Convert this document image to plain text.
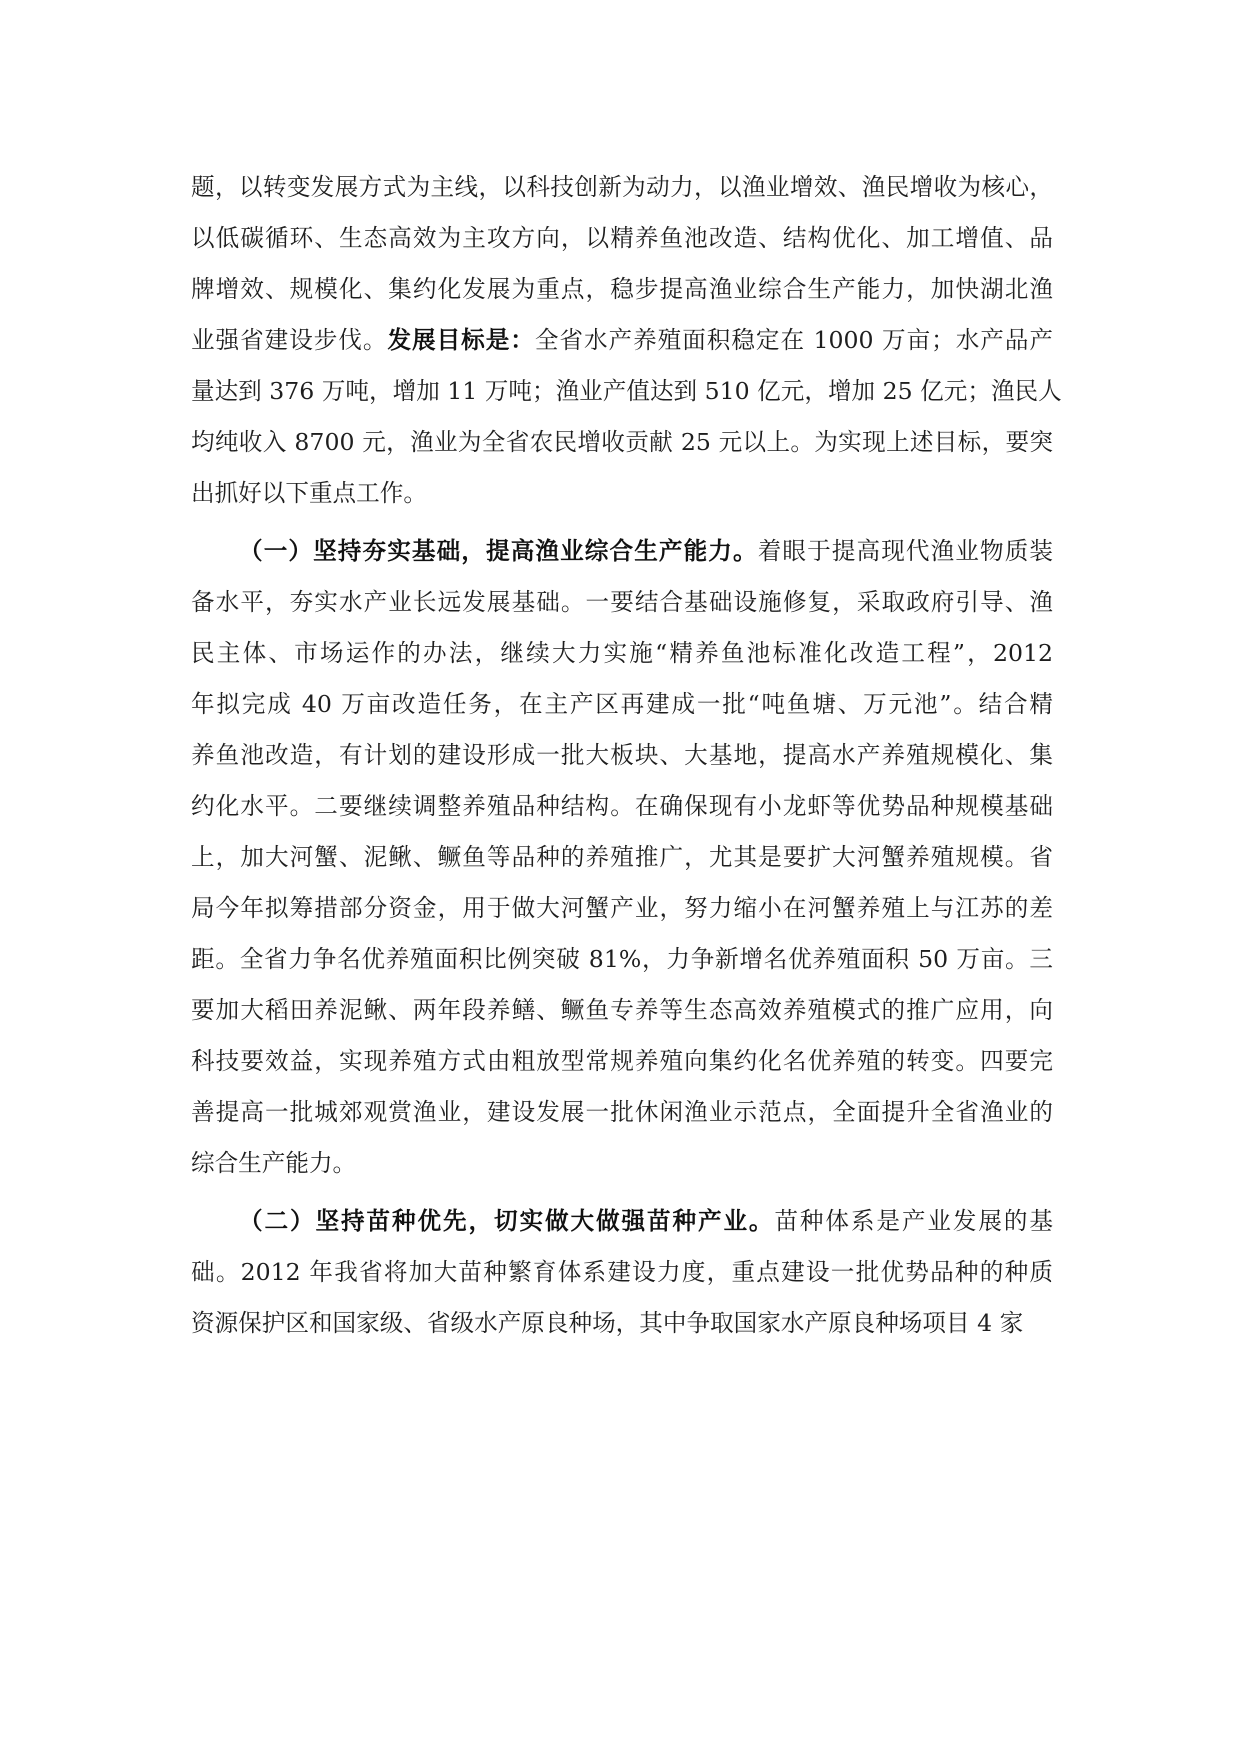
题，以转变发展方式为主线，以科技创新为动力，以渔业增效、渔民增收为核心，
以低碳循环、生态高效为主攻方向，以精养鱼池改造、结构优化、加工增值、品
牌增效、规模化、集约化发展为重点，稳步提高渔业综合生产能力，加快湖北渔
业强省建设步伐。发展目标是：全省水产养殖面积稳定在 1000 万亩；水产品产
量达到 376 万吨，增加 11 万吨；渔业产值达到 510 亿元，增加 25 亿元；渔民人
均纯收入 8700 元，渔业为全省农民增收贡献 25 元以上。为实现上述目标，要突
出抓好以下重点工作。
（一）坚持夯实基础，提高渔业综合生产能力。着眼于提高现代渔业物质装
备水平，夯实水产业长远发展基础。一要结合基础设施修复，采取政府引导、渔
民主体、市场运作的办法，继续大力实施“精养鱼池标准化改造工程”，2012
年拟完成 40 万亩改造任务，在主产区再建成一批“吨鱼塘、万元池”。结合精
养鱼池改造，有计划的建设形成一批大板块、大基地，提高水产养殖规模化、集
约化水平。二要继续调整养殖品种结构。在确保现有小龙虾等优势品种规模基础
上，加大河蟹、泥鳅、鳜鱼等品种的养殖推广，尤其是要扩大河蟹养殖规模。省
局今年拟筹措部分资金，用于做大河蟹产业，努力缩小在河蟹养殖上与江苏的差
距。全省力争名优养殖面积比例突破 81%，力争新增名优养殖面积 50 万亩。三
要加大稻田养泥鳅、两年段养鳝、鳜鱼专养等生态高效养殖模式的推广应用，向
科技要效益，实现养殖方式由粗放型常规养殖向集约化名优养殖的转变。四要完
善提高一批城郊观赏渔业，建设发展一批休闲渔业示范点，全面提升全省渔业的
综合生产能力。
（二）坚持苗种优先，切实做大做强苗种产业。苗种体系是产业发展的基
础。2012 年我省将加大苗种繁育体系建设力度，重点建设一批优势品种的种质
资源保护区和国家级、省级水产原良种场，其中争取国家水产原良种场项目 4 家
